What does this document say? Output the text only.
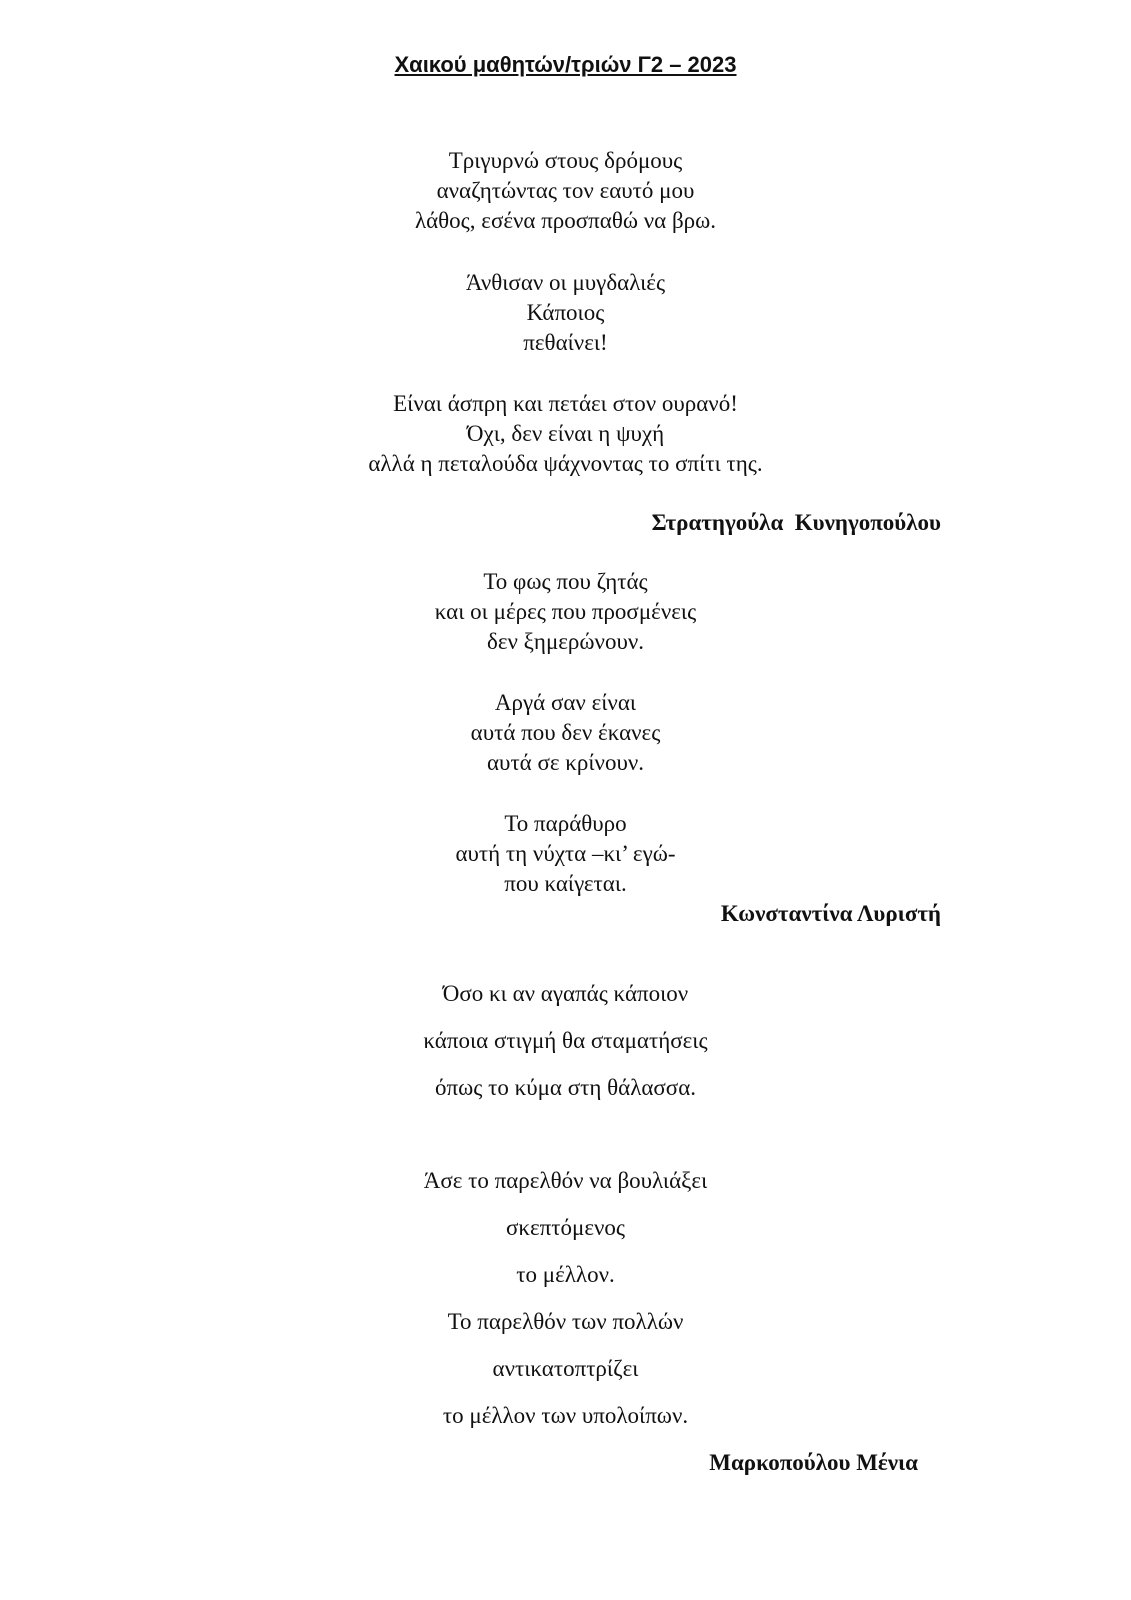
Χαικού μαθητών/τριών Γ2 – 2023
Τριγυρνώ στους δρόμους
αναζητώντας τον εαυτό μου
λάθος, εσένα προσπαθώ να βρω.
Άνθισαν οι μυγδαλιές
Κάποιος
πεθαίνει!
Είναι άσπρη και πετάει στον ουρανό!
Όχι, δεν είναι η ψυχή
αλλά η πεταλούδα ψάχνοντας το σπίτι της.
Στρατηγούλα  Κυνηγοπούλου
Το φως που ζητάς
και οι μέρες που προσμένεις
δεν ξημερώνουν.
Αργά σαν είναι
αυτά που δεν έκανες
αυτά σε κρίνουν.
Το παράθυρο
αυτή τη νύχτα –κι’ εγώ-
που καίγεται.
Κωνσταντίνα Λυριστή
Όσο κι αν αγαπάς κάποιον
κάποια στιγμή θα σταματήσεις
όπως το κύμα στη θάλασσα.
Άσε το παρελθόν να βουλιάξει
σκεπτόμενος
το μέλλον.
Το παρελθόν των πολλών
αντικατοπτρίζει
το μέλλον των υπολοίπων.
Μαρκοπούλου Μένια
